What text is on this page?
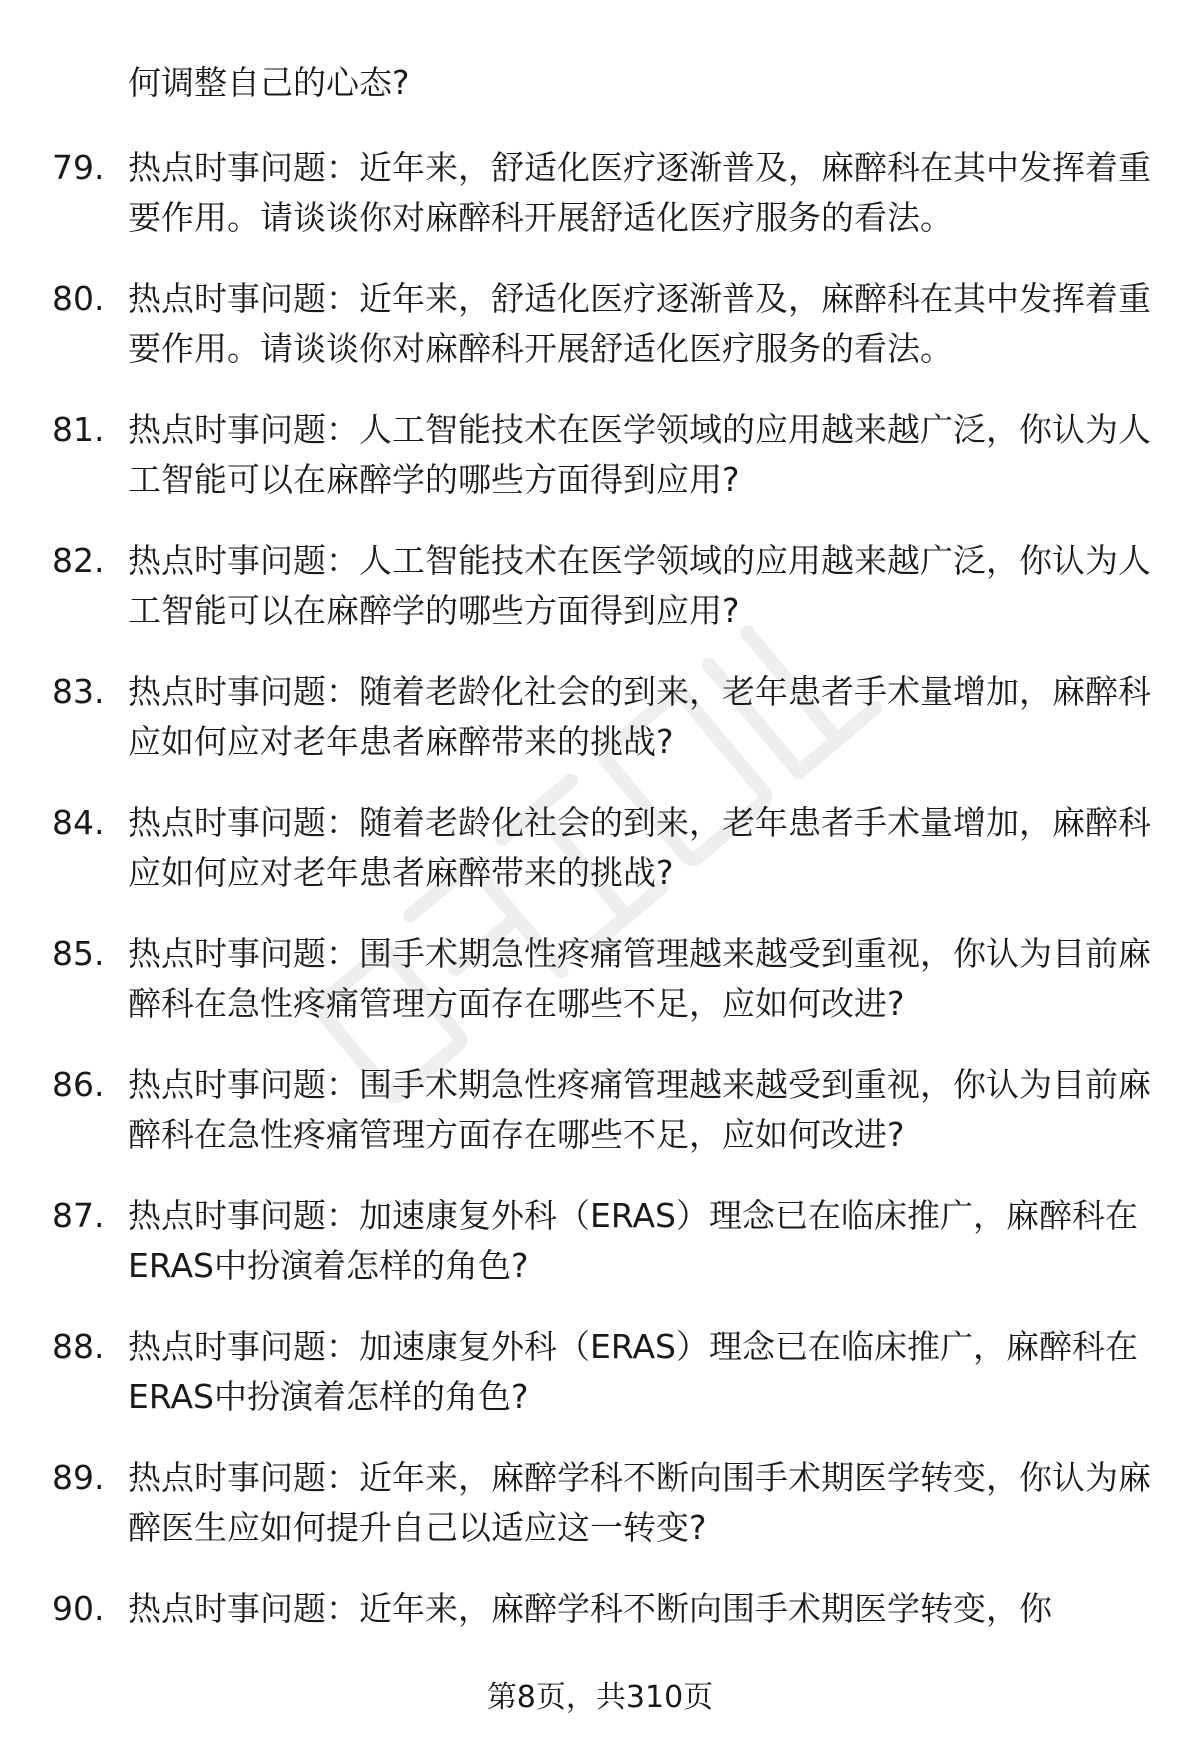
何调整自己的心态?

79. 热点时事问题：近年来，舒适化医疗逐渐普及，麻醉科在其中发挥着重要作用。请谈谈你对麻醉科开展舒适化医疗服务的看法。

80. 热点时事问题：近年来，舒适化医疗逐渐普及，麻醉科在其中发挥着重要作用。请谈谈你对麻醉科开展舒适化医疗服务的看法。

81. 热点时事问题：人工智能技术在医学领域的应用越来越广泛，你认为人工智能可以在麻醉学的哪些方面得到应用?

82. 热点时事问题：人工智能技术在医学领域的应用越来越广泛，你认为人工智能可以在麻醉学的哪些方面得到应用?

83. 热点时事问题：随着老龄化社会的到来，老年患者手术量增加，麻醉科应如何应对老年患者麻醉带来的挑战?

84. 热点时事问题：随着老龄化社会的到来，老年患者手术量增加，麻醉科应如何应对老年患者麻醉带来的挑战?

85. 热点时事问题：围手术期急性疼痛管理越来越受到重视，你认为目前麻醉科在急性疼痛管理方面存在哪些不足，应如何改进?

86. 热点时事问题：围手术期急性疼痛管理越来越受到重视，你认为目前麻醉科在急性疼痛管理方面存在哪些不足，应如何改进?

87. 热点时事问题：加速康复外科（ERAS）理念已在临床推广，麻醉科在ERAS中扮演着怎样的角色?

88. 热点时事问题：加速康复外科（ERAS）理念已在临床推广，麻醉科在ERAS中扮演着怎样的角色?

89. 热点时事问题：近年来，麻醉学科不断向围手术期医学转变，你认为麻醉医生应如何提升自己以适应这一转变?

90. 热点时事问题：近年来，麻醉学科不断向围手术期医学转变，你

第8页，共310页
